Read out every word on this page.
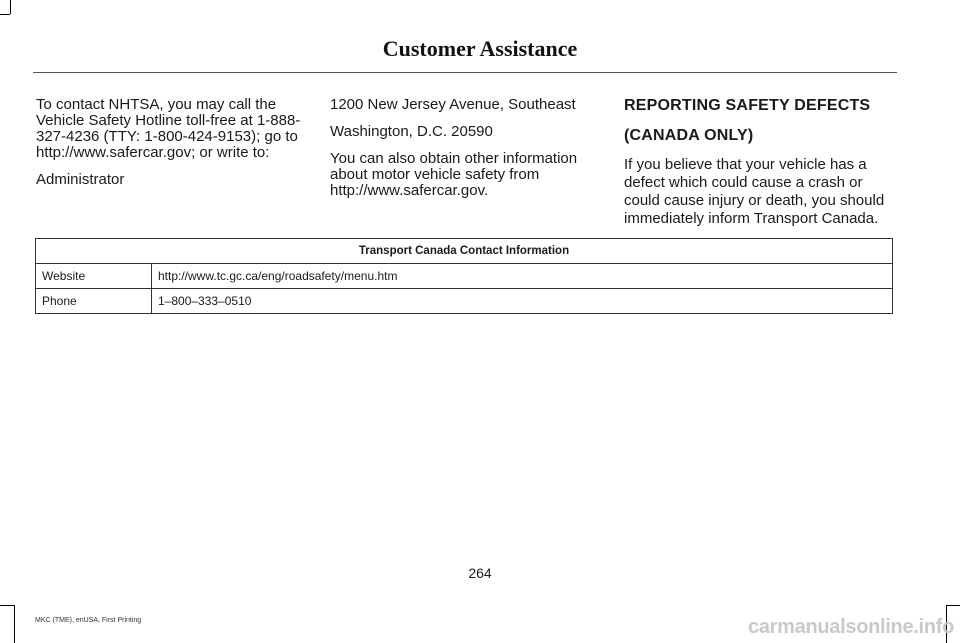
Customer Assistance

To contact NHTSA, you may call the Vehicle Safety Hotline toll-free at 1-888-327-4236 (TTY: 1-800-424-9153); go to http://www.safercar.gov; or write to:

Administrator

1200 New Jersey Avenue, Southeast

Washington, D.C. 20590

You can also obtain other information about motor vehicle safety from http://www.safercar.gov.

REPORTING SAFETY DEFECTS
(CANADA ONLY)

If you believe that your vehicle has a defect which could cause a crash or could cause injury or death, you should immediately inform Transport Canada.

Transport Canada Contact Information	
Website	http://www.tc.gc.ca/eng/roadsafety/menu.htm
Phone	1–800–333–0510
264
MKC (TME), enUSA, First Printing	carmanualsonline.info
